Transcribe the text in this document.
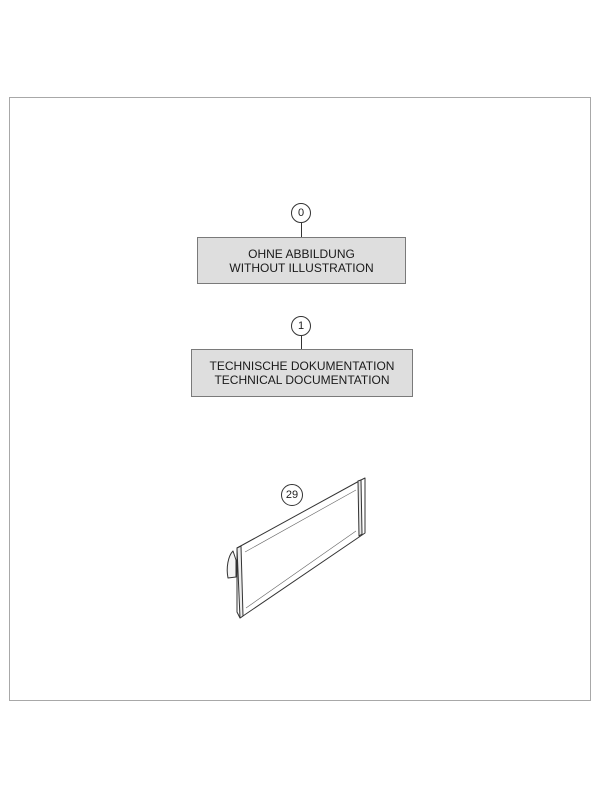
0
OHNE ABBILDUNG
WITHOUT ILLUSTRATION
1
TECHNISCHE DOKUMENTATION
TECHNICAL DOCUMENTATION
29
